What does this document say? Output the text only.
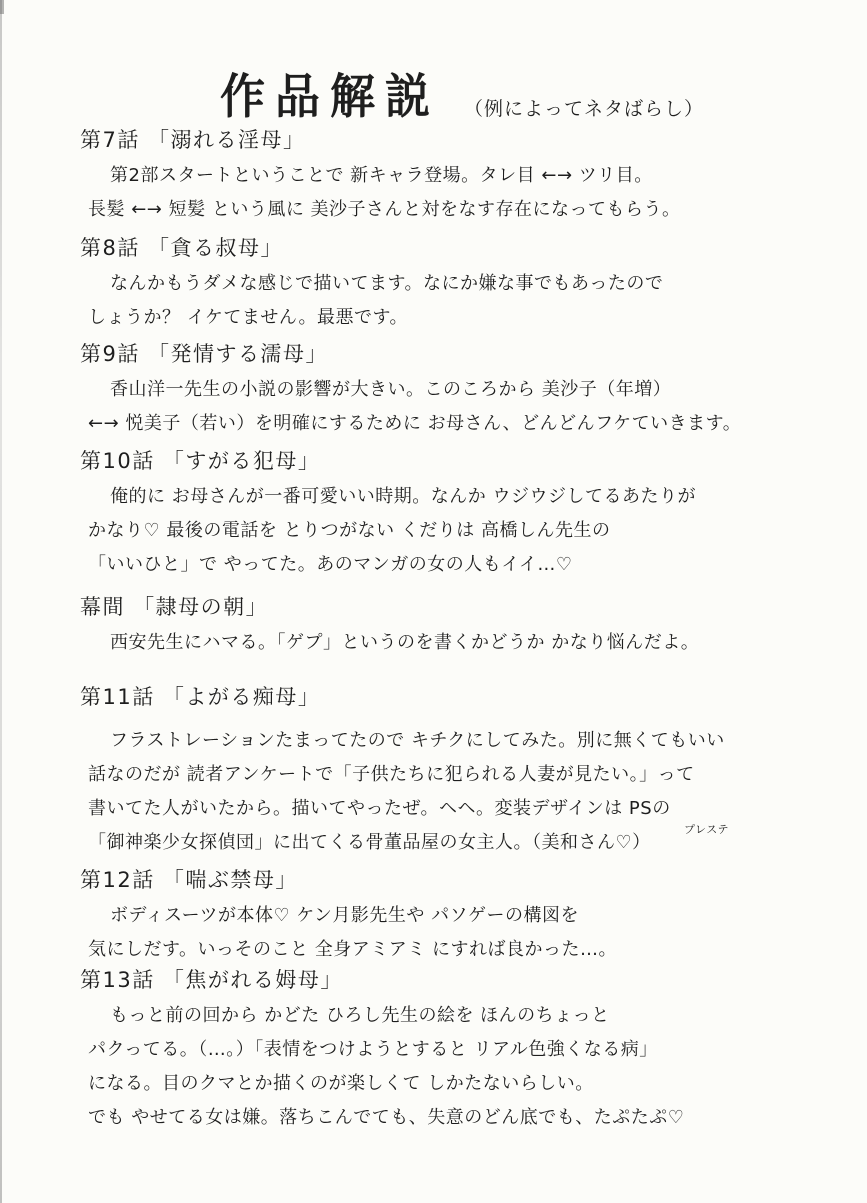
作品解説 （例によってネタばらし）
第7話 「溺れる淫母」
第2部スタートということで 新キャラ登場。タレ目 ←→ ツリ目。
長髪 ←→ 短髪 という風に 美沙子さんと対をなす存在になってもらう。
第8話 「貪る叔母」
なんかもうダメな感じで描いてます。なにか嫌な事でもあったので
しょうか？ イケてません。最悪です。
第9話 「発情する濡母」
香山洋一先生の小説の影響が大きい。このころから 美沙子（年増）
←→ 悦美子（若い）を明確にするために お母さん、どんどんフケていきます。
第10話 「すがる犯母」
俺的に お母さんが一番可愛いい時期。なんか ウジウジしてるあたりが
かなり♡ 最後の電話を とりつがない くだりは 高橋しん先生の
「いいひと」で やってた。あのマンガの女の人もイイ…♡
幕間 「隷母の朝」
西安先生にハマる。「ゲプ」というのを書くかどうか かなり悩んだよ。
第11話 「よがる痴母」
フラストレーションたまってたので キチクにしてみた。別に無くてもいい
話なのだが 読者アンケートで「子供たちに犯られる人妻が見たい。」って
書いてた人がいたから。描いてやったぜ。ヘヘ。変装デザインは PSの
「御神楽少女探偵団」に出てくる骨董品屋の女主人。（美和さん♡）
プレステ
第12話 「喘ぶ禁母」
ボディスーツが本体♡ ケン月影先生や パソゲーの構図を
気にしだす。いっそのこと 全身アミアミ にすれば良かった…。
第13話 「焦がれる姆母」
もっと前の回から かどた ひろし先生の絵を ほんのちょっと
パクってる。（…。）「表情をつけようとすると リアル色強くなる病」
になる。目のクマとか描くのが楽しくて しかたないらしい。
でも やせてる女は嫌。落ちこんでても、失意のどん底でも、たぷたぷ♡
